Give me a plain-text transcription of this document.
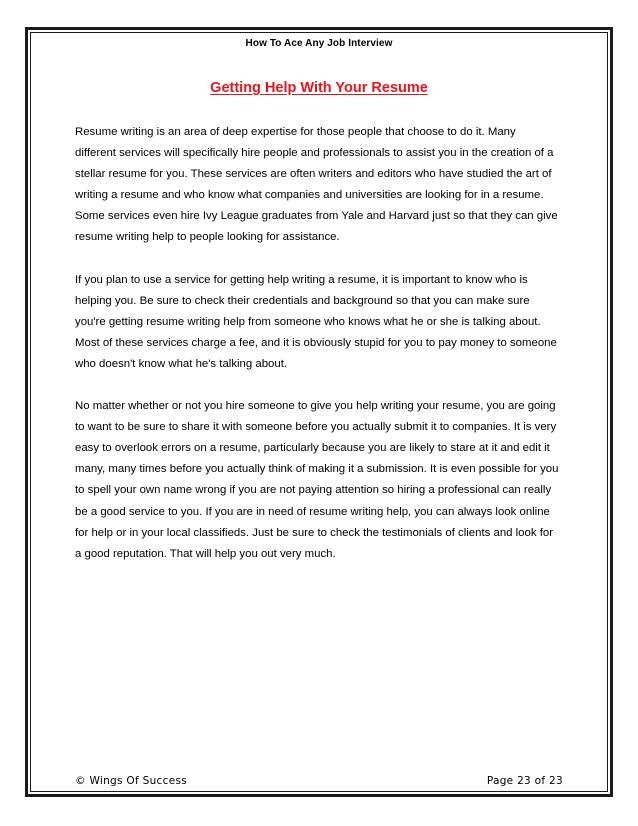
How To Ace Any Job Interview
Getting Help With Your Resume

Resume writing is an area of deep expertise for those people that choose to do it. Many
different services will specifically hire people and professionals to assist you in the creation of a
stellar resume for you. These services are often writers and editors who have studied the art of
writing a resume and who know what companies and universities are looking for in a resume.
Some services even hire Ivy League graduates from Yale and Harvard just so that they can give
resume writing help to people looking for assistance.

If you plan to use a service for getting help writing a resume, it is important to know who is
helping you. Be sure to check their credentials and background so that you can make sure
you're getting resume writing help from someone who knows what he or she is talking about.
Most of these services charge a fee, and it is obviously stupid for you to pay money to someone
who doesn't know what he's talking about.

No matter whether or not you hire someone to give you help writing your resume, you are going
to want to be sure to share it with someone before you actually submit it to companies. It is very
easy to overlook errors on a resume, particularly because you are likely to stare at it and edit it
many, many times before you actually think of making it a submission. It is even possible for you
to spell your own name wrong if you are not paying attention so hiring a professional can really
be a good service to you. If you are in need of resume writing help, you can always look online
for help or in your local classifieds. Just be sure to check the testimonials of clients and look for
a good reputation. That will help you out very much.

© Wings Of Success	Page 23 of 23
